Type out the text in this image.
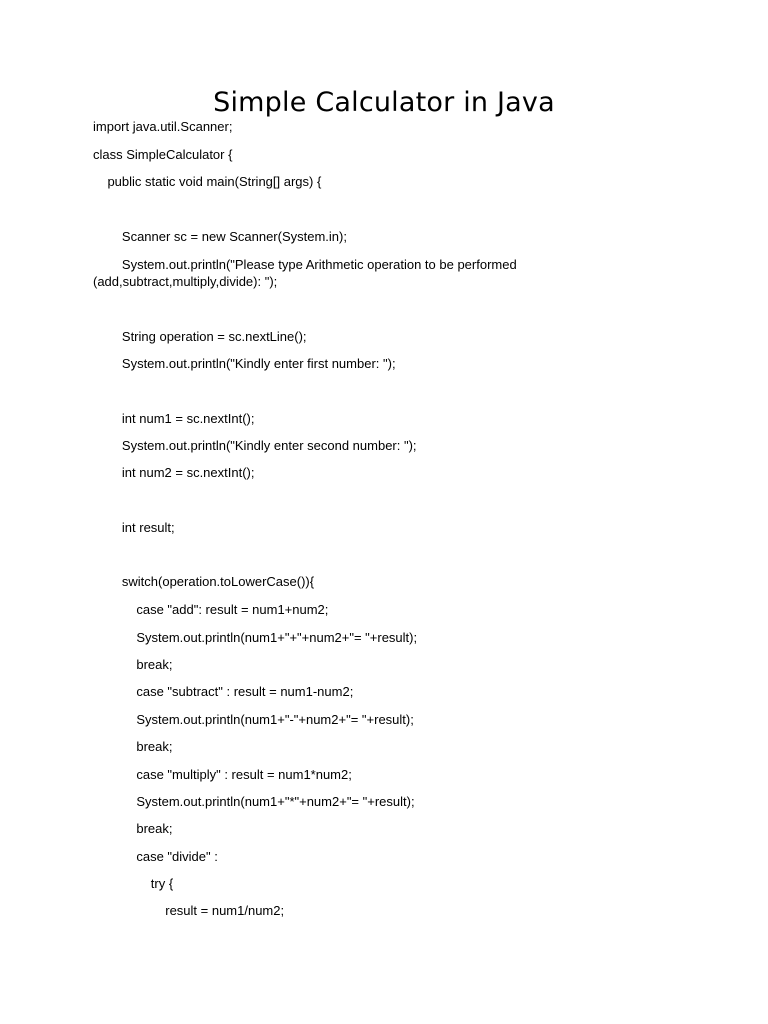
Simple Calculator in Java

import java.util.Scanner;

class SimpleCalculator {

public static void main(String[] args) {

Scanner sc = new Scanner(System.in);

System.out.println("Please type Arithmetic operation to be performed

(add,subtract,multiply,divide): ");

String operation = sc.nextLine();

System.out.println("Kindly enter first number: ");

int num1 = sc.nextInt();

System.out.println("Kindly enter second number: ");

int num2 = sc.nextInt();

int result;

switch(operation.toLowerCase()){

case "add": result = num1+num2;

System.out.println(num1+"+"+num2+"= "+result);

break;

case "subtract" : result = num1-num2;

System.out.println(num1+"-"+num2+"= "+result);

break;

case "multiply" : result = num1*num2;

System.out.println(num1+"*"+num2+"= "+result);

break;

case "divide" :

try {

result = num1/num2;
